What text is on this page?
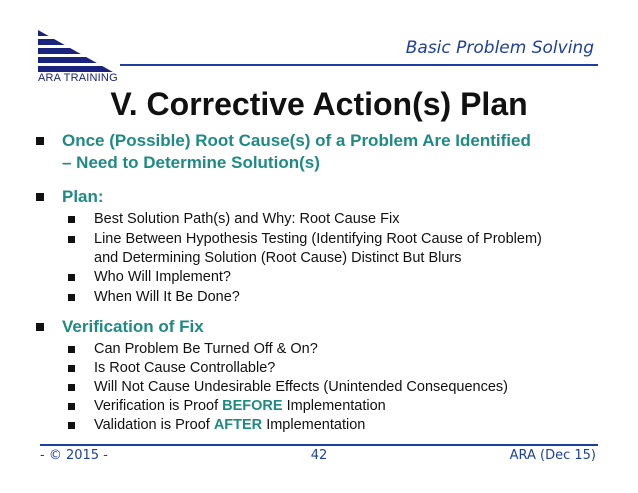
ARA TRAINING
Basic Problem Solving
V. Corrective Action(s) Plan
Once (Possible) Root Cause(s) of a Problem Are Identified
– Need to Determine Solution(s)
Plan:
Best Solution Path(s) and Why: Root Cause Fix
Line Between Hypothesis Testing (Identifying Root Cause of Problem)
and Determining Solution (Root Cause) Distinct But Blurs
Who Will Implement?
When Will It Be Done?
Verification of Fix
Can Problem Be Turned Off & On?
Is Root Cause Controllable?
Will Not Cause Undesirable Effects (Unintended Consequences)
Verification is Proof BEFORE Implementation
Validation is Proof AFTER Implementation
- © 2015 -	42	ARA (Dec 15)
